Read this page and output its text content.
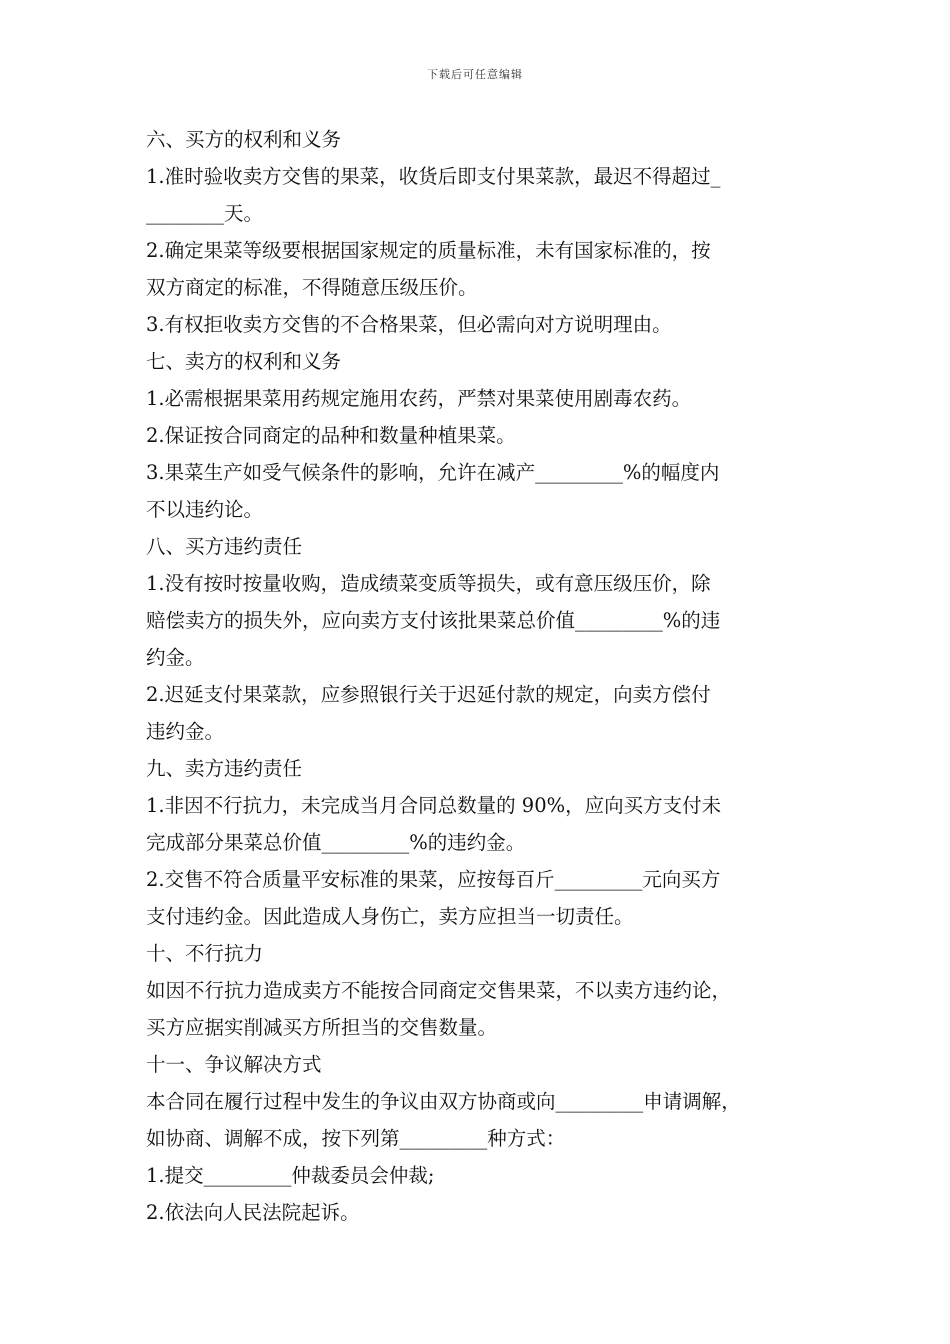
下载后可任意编辑
六、买方的权利和义务
1.准时验收卖方交售的果菜，收货后即支付果菜款，最迟不得超过_
________天。
2.确定果菜等级要根据国家规定的质量标准，未有国家标准的，按
双方商定的标准，不得随意压级压价。
3.有权拒收卖方交售的不合格果菜，但必需向对方说明理由。
七、卖方的权利和义务
1.必需根据果菜用药规定施用农药，严禁对果菜使用剧毒农药。
2.保证按合同商定的品种和数量种植果菜。
3.果菜生产如受气候条件的影响，允许在减产_________%的幅度内
不以违约论。
八、买方违约责任
1.没有按时按量收购，造成绩菜变质等损失，或有意压级压价，除
赔偿卖方的损失外，应向卖方支付该批果菜总价值_________%的违
约金。
2.迟延支付果菜款，应参照银行关于迟延付款的规定，向卖方偿付
违约金。
九、卖方违约责任
1.非因不行抗力，未完成当月合同总数量的 90%，应向买方支付未
完成部分果菜总价值_________%的违约金。
2.交售不符合质量平安标准的果菜，应按每百斤_________元向买方
支付违约金。因此造成人身伤亡，卖方应担当一切责任。
十、不行抗力
如因不行抗力造成卖方不能按合同商定交售果菜，不以卖方违约论，
买方应据实削减买方所担当的交售数量。
十一、争议解决方式
本合同在履行过程中发生的争议由双方协商或向_________申请调解，
如协商、调解不成，按下列第_________种方式：
1.提交_________仲裁委员会仲裁;
2.依法向人民法院起诉。
